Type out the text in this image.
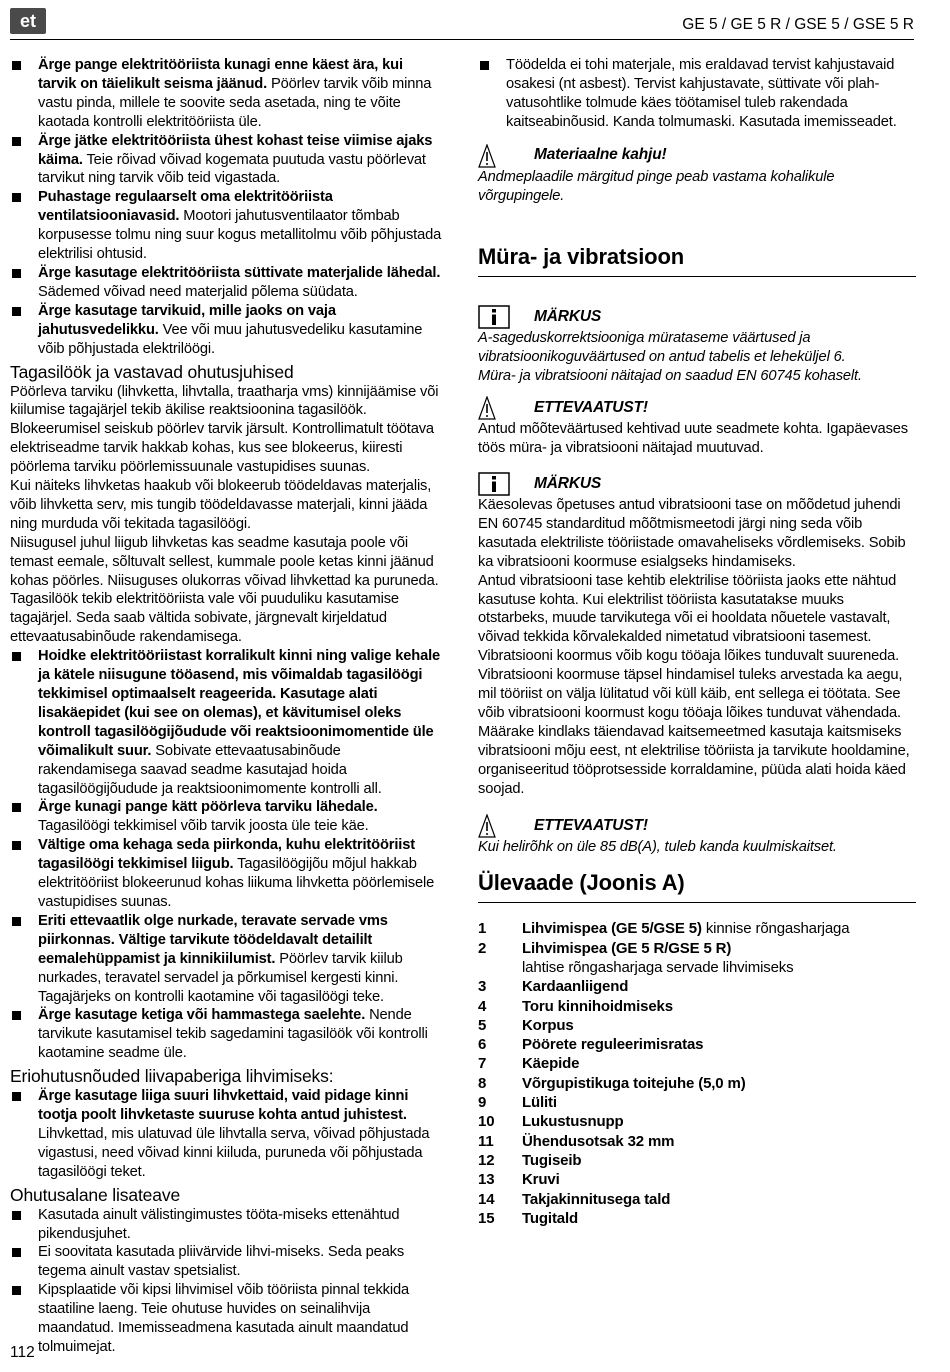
et	GE 5 / GE 5 R / GSE 5 / GSE 5 R
Ärge pange elektritööriista kunagi enne käest ära, kui tarvik on täielikult seisma jäänud. Pöörlev tarvik võib minna vastu pinda, millele te soovite seda asetada, ning te võite kaotada kontrolli elektritööriista üle.
Ärge jätke elektritööriista ühest kohast teise viimise ajaks käima. Teie rõivad võivad kogemata puutuda vastu pöörlevat tarvikut ning tarvik võib teid vigastada.
Puhastage regulaarselt oma elektritööriista ventilatsiooniavasid. Mootori jahutusventilaator tõmbab korpusesse tolmu ning suur kogus metallitolmu võib põhjustada elektrilisi ohtusid.
Ärge kasutage elektritööriista süttivate materjalide lähedal. Sädemed võivad need materjalid põlema süüdata.
Ärge kasutage tarvikuid, mille jaoks on vaja jahutusvedelikku. Vee või muu jahutusvedeliku kasutamine võib põhjustada elektrilöögi.
Tagasilöök ja vastavad ohutusjuhised
Pöörleva tarviku (lihvketta, lihvtalla, traatharja vms) kinnijäämise või kiilumise tagajärjel tekib äkilise reaktsioonina tagasilöök. Blokeerumisel seiskub pöörlev tarvik järsult. Kontrollimatult töötava elektriseadme tarvik hakkab kohas, kus see blokeerus, kiiresti pöörlema tarviku pöörlemissuunale vastupidises suunas.
Kui näiteks lihvketas haakub või blokeerub töödeldavas materjalis, võib lihvketta serv, mis tungib töödeldavasse materjali, kinni jääda ning murduda või tekitada tagasilöögi.
Niisugusel juhul liigub lihvketas kas seadme kasutaja poole või temast eemale, sõltuvalt sellest, kummale poole ketas kinni jäänud kohas pöörles. Niisuguses olukorras võivad lihvkettad ka puruneda.
Tagasilöök tekib elektritööriista vale või puuduliku kasutamise tagajärjel. Seda saab vältida sobivate, järgnevalt kirjeldatud ettevaatusabinõude rakendamisega.
Hoidke elektritööriistast korralikult kinni ning valige kehale ja kätele niisugune tööasend, mis võimaldab tagasilöögi tekkimisel optimaalselt reageerida. Kasutage alati lisakäepidet (kui see on olemas), et kävitumisel oleks kontroll tagasilöögijõudude või reaktsioonimomentide üle võimalikult suur. Sobivate ettevaatusabinõude rakendamisega saavad seadme kasutajad hoida tagasilöögijõudude ja reaktsioonimomente kontrolli all.
Ärge kunagi pange kätt pöörleva tarviku lähedale. Tagasilöögi tekkimisel võib tarvik joosta üle teie käe.
Vältige oma kehaga seda piirkonda, kuhu elektritööriist tagasilöögi tekkimisel liigub. Tagasilöögijõu mõjul hakkab elektritööriist blokeerunud kohas liikuma lihvketta pöörlemisele vastupidises suunas.
Eriti ettevaatlik olge nurkade, teravate servade vms piirkonnas. Vältige tarvikute töödeldavalt detaililt eemalehüppamist ja kinnikiilumist. Pöörlev tarvik kiilub nurkades, teravatel servadel ja põrkumisel kergesti kinni. Tagajärjeks on kontrolli kaotamine või tagasilöögi teke.
Ärge kasutage ketiga või hammastega saelehte. Nende tarvikute kasutamisel tekib sagedamini tagasilöök või kontrolli kaotamine seadme üle.
Eriohutusnõuded liivapaberiga lihvimiseks:
Ärge kasutage liiga suuri lihvkettaid, vaid pidage kinni tootja poolt lihvketaste suuruse kohta antud juhistest. Lihvkettad, mis ulatuvad üle lihvtalla serva, võivad põhjustada vigastusi, need võivad kinni kiiluda, puruneda või põhjustada tagasilöögi teket.
Ohutusalane lisateave
Kasutada ainult välistingimustes tööta-miseks ettenähtud pikendusjuhet.
Ei soovitata kasutada pliivärvide lihvi-miseks. Seda peaks tegema ainult vastav spetsialist.
Kipsplaatide või kipsi lihvimisel võib tööriista pinnal tekkida staatiline laeng. Teie ohutuse huvides on seinalihvija maandatud. Imemisseadmena kasutada ainult maandatud tolmuimejat.
Töödelda ei tohi materjale, mis eraldavad tervist kahjustavaid osakesi (nt asbest). Tervist kahjustavate, süttivate või plah-vatusohtlike tolmude käes töötamisel tuleb rakendada kaitseabinõusid. Kanda tolmumaski. Kasutada imemisseadet.
Materiaalne kahju!
Andmeplaadile märgitud pinge peab vastama kohalikule võrgupingele.
Müra- ja vibratsioon
MÄRKUS
A-sageduskorrektsiooniga mürataseme väärtused ja vibratsioonikoguväärtused on antud tabelis et leheküljel 6.
Müra- ja vibratsiooni näitajad on saadud EN 60745 kohaselt.
ETTEVAATUST!
Antud mõõteväärtused kehtivad uute seadmete kohta. Igapäevases töös müra- ja vibratsiooni näitajad muutuvad.
MÄRKUS
Käesolevas õpetuses antud vibratsiooni tase on mõõdetud juhendi EN 60745 standarditud mõõtmismeetodi järgi ning seda võib kasutada elektriliste tööriistade omavaheliseks võrdlemiseks. Sobib ka vibratsiooni koormuse esialgseks hindamiseks.
Antud vibratsiooni tase kehtib elektrilise tööriista jaoks ette nähtud kasutuse kohta. Kui elektrilist tööriista kasutatakse muuks otstarbeks, muude tarvikutega või ei hooldata nõuetele vastavalt, võivad tekkida kõrvalekalded nimetatud vibratsiooni tasemest. Vibratsiooni koormus võib kogu tööaja lõikes tunduvalt suureneda.
Vibratsiooni koormuse täpsel hindamisel tuleks arvestada ka aegu, mil tööriist on välja lülitatud või küll käib, ent sellega ei töötata. See võib vibratsiooni koormust kogu tööaja lõikes tunduvat vähendada.
Määrake kindlaks täiendavad kaitsemeetmed kasutaja kaitsmiseks vibratsiooni mõju eest, nt elektrilise tööriista ja tarvikute hooldamine, organiseeritud tööprotsesside korraldamine, püüda alati hoida käed soojad.
ETTEVAATUST!
Kui helirõhk on üle 85 dB(A), tuleb kanda kuulmiskaitset.
Ülevaade (Joonis A)
1	Lihvimispea (GE 5/GSE 5) kinnise rõngasharjaga
2	Lihvimispea (GE 5 R/GSE 5 R)
lahtise rõngasharjaga servade lihvimiseks
3	Kardaanliigend
4	Toru kinnihoidmiseks
5	Korpus
6	Pöörete reguleerimisratas
7	Käepide
8	Võrgupistikuga toitejuhe (5,0 m)
9	Lüliti
10	Lukustusnupp
11	Ühendusotsak 32 mm
12	Tugiseib
13	Kruvi
14	Takjakinnitusega tald
15	Tugitald
112
